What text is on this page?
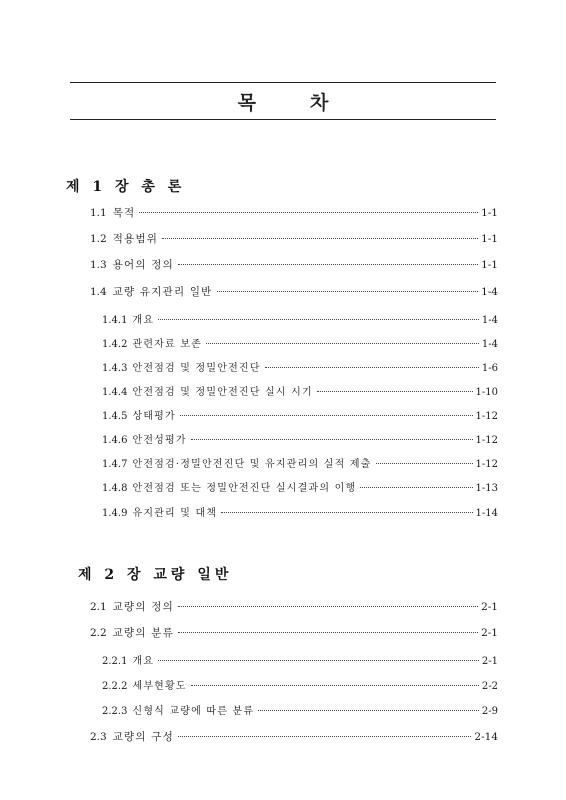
목차
제 1 장 총 론
1.1 목적	1-1
1.2 적용범위	1-1
1.3 용어의 정의	1-1
1.4 교량 유지관리 일반	1-4
1.4.1 개요	1-4
1.4.2 관련자료 보존	1-4
1.4.3 안전점검 및 정밀안전진단	1-6
1.4.4 안전점검 및 정밀안전진단 실시 시기	1-10
1.4.5 상태평가	1-12
1.4.6 안전성평가	1-12
1.4.7 안전점검·정밀안전진단 및 유지관리의 실적 제출	1-12
1.4.8 안전점검 또는 정밀안전진단 실시결과의 이행	1-13
1.4.9 유지관리 및 대책	1-14
제 2 장 교량 일반
2.1 교량의 정의	2-1
2.2 교량의 분류	2-1
2.2.1 개요	2-1
2.2.2 세부현황도	2-2
2.2.3 신형식 교량에 따른 분류	2-9
2.3 교량의 구성	2-14
